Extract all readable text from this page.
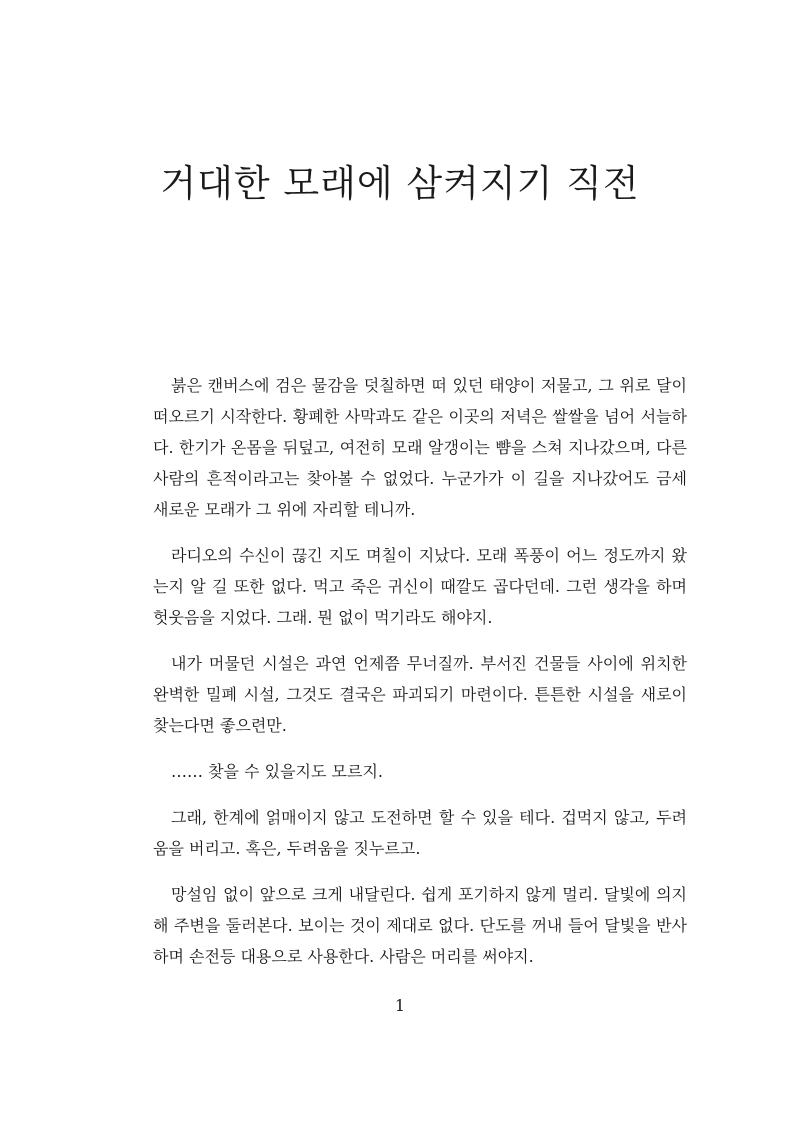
거대한 모래에 삼켜지기 직전

붉은 캔버스에 검은 물감을 덧칠하면 떠 있던 태양이 저물고, 그 위로 달이 떠오르기 시작한다. 황폐한 사막과도 같은 이곳의 저녁은 쌀쌀을 넘어 서늘하다. 한기가 온몸을 뒤덮고, 여전히 모래 알갱이는 뺨을 스쳐 지나갔으며, 다른 사람의 흔적이라고는 찾아볼 수 없었다. 누군가가 이 길을 지나갔어도 금세 새로운 모래가 그 위에 자리할 테니까.

라디오의 수신이 끊긴 지도 며칠이 지났다. 모래 폭풍이 어느 정도까지 왔는지 알 길 또한 없다. 먹고 죽은 귀신이 때깔도 곱다던데. 그런 생각을 하며 헛웃음을 지었다. 그래. 뭔 없이 먹기라도 해야지.

내가 머물던 시설은 과연 언제쯤 무너질까. 부서진 건물들 사이에 위치한 완벽한 밀폐 시설, 그것도 결국은 파괴되기 마련이다. 튼튼한 시설을 새로이 찾는다면 좋으련만.

…… 찾을 수 있을지도 모르지.

그래, 한계에 얽매이지 않고 도전하면 할 수 있을 테다. 겁먹지 않고, 두려움을 버리고. 혹은, 두려움을 짓누르고.

망설임 없이 앞으로 크게 내달린다. 쉽게 포기하지 않게 멀리. 달빛에 의지해 주변을 둘러본다. 보이는 것이 제대로 없다. 단도를 꺼내 들어 달빛을 반사하며 손전등 대용으로 사용한다. 사람은 머리를 써야지.

1
